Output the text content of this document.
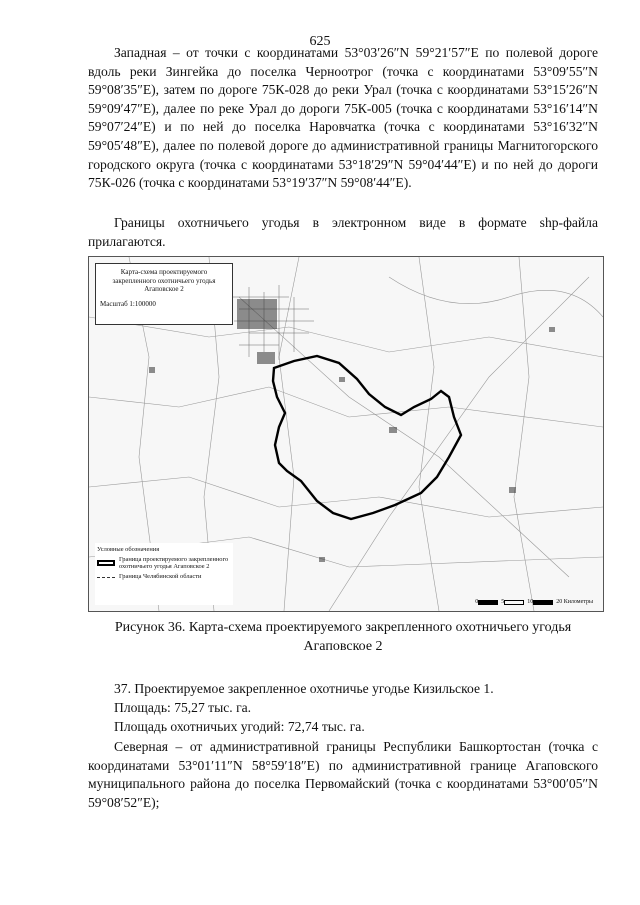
625

Западная – от точки с координатами 53°03′26″N 59°21′57″E по полевой дороге вдоль реки Зингейка до поселка Черноотрог (точка с координатами 53°09′55″N 59°08′35″E), затем по дороге 75К-028 до реки Урал (точка с координатами 53°15′26″N 59°09′47″E), далее по реке Урал до дороги 75К-005 (точка с координатами 53°16′14″N 59°07′24″E) и по ней до поселка Наровчатка (точка с координатами 53°16′32″N 59°05′48″E), далее по полевой дороге до административной границы Магнитогорского городского округа (точка с координатами 53°18′29″N 59°04′44″E) и по ней до дороги 75К-026 (точка с координатами 53°19′37″N 59°08′44″E).

Границы охотничьего угодья в электронном виде в формате shp-файла прилагаются.

Карта-схема проектируемого закрепленного охотничьего угодья Агаповское 2
Масштаб 1:100000
Условные обозначения
Граница проектируемого закрепленного охотничьего угодья Агаповское 2
Граница Челябинской области
0	5	10	20 Километры
Рисунок 36. Карта-схема проектируемого закрепленного охотничьего угодья Агаповское 2

37. Проектируемое закрепленное охотничье угодье Кизильское 1.

Площадь: 75,27 тыс. га.

Площадь охотничьих угодий: 72,74 тыс. га.

Северная – от административной границы Республики Башкортостан (точка с координатами 53°01′11″N 58°59′18″E) по административной границе Агаповского муниципального района до поселка Первомайский (точка с координатами 53°00′05″N 59°08′52″E);
